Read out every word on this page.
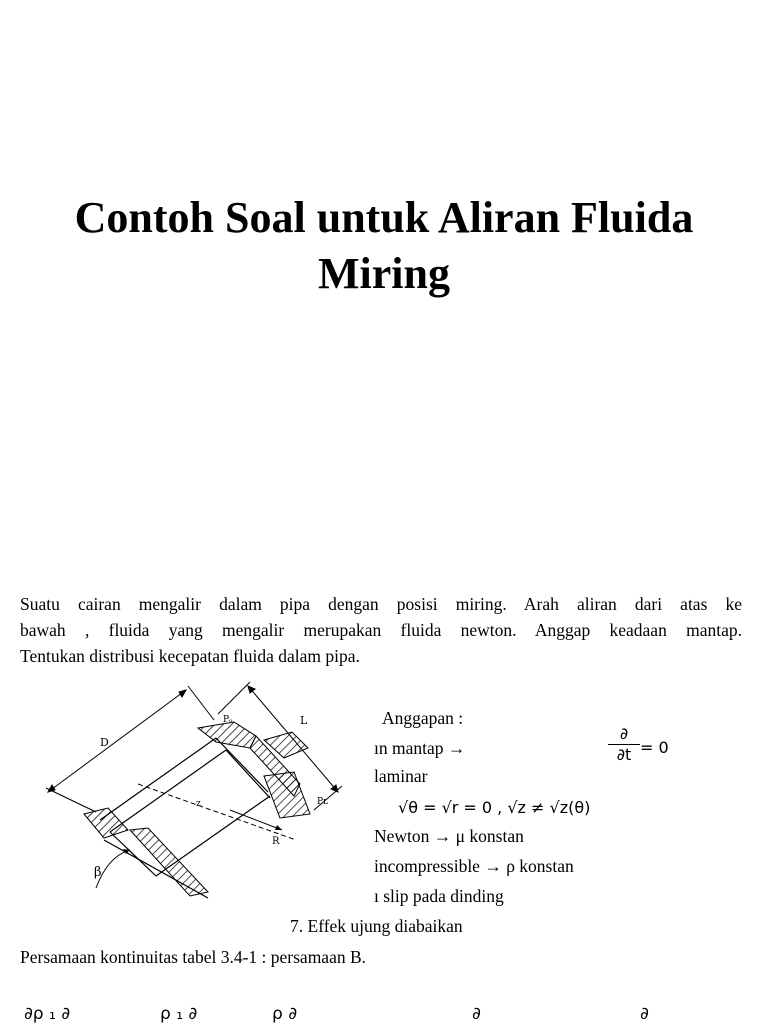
Contoh Soal untuk Aliran Fluida
Miring
Suatu cairan mengalir dalam pipa dengan posisi miring. Arah aliran dari atas ke
bawah , fluida yang mengalir merupakan fluida newton. Anggap keadaan mantap.
Tentukan distribusi kecepatan fluida dalam pipa.
D
L
Pₒ
Pʟ
z
R
β
Anggapan :
ın mantap →
laminar
Newton → μ konstan
incompressible → ρ konstan
ı slip pada dinding
7. Effek ujung diabaikan
∂
∂t = 0
√θ = √r = 0 , √z ≠ √z(θ)
Persamaan kontinuitas tabel 3.4-1 : persamaan B.
∂ρ ₁ ∂	ρ ₁ ∂	ρ ∂	∂	∂
